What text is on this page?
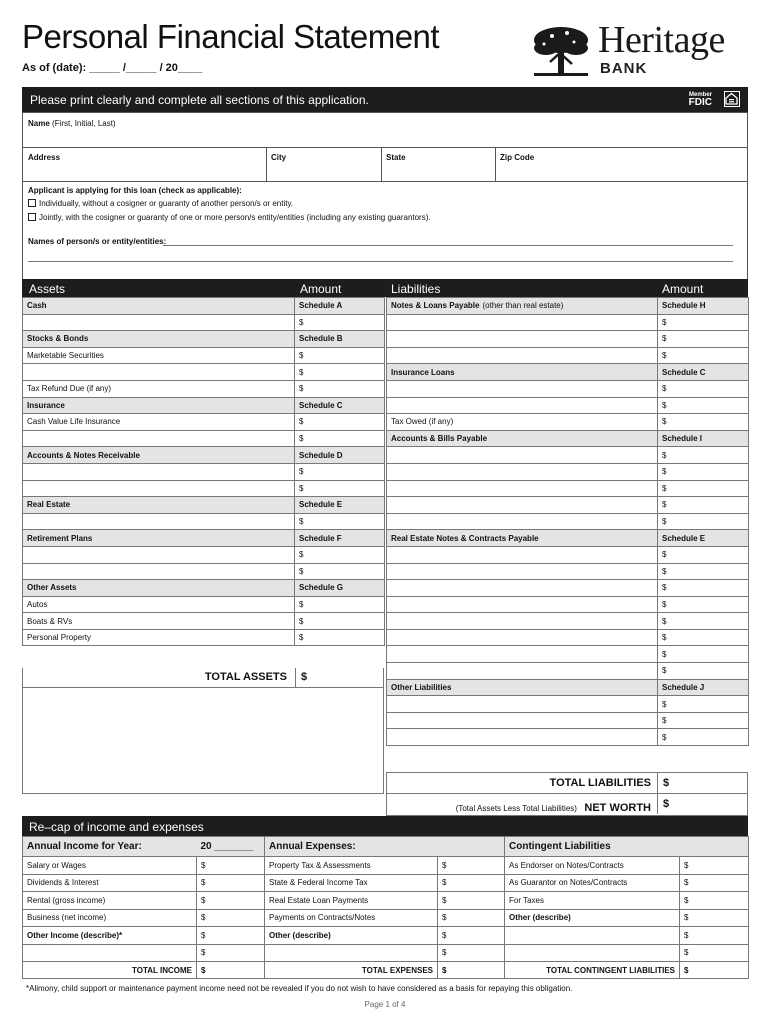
Personal Financial Statement
As of (date): _____ /_____ / 20____
Heritage
BANK
Please print clearly and complete all sections of this application.	Member
FDIC
Name (First, Initial, Last)
Address	City	State	Zip Code
Applicant is applying for this loan (check as applicable):
Individually, without a cosigner or guaranty of another person/s or entity.
Jointly, with the cosigner or guaranty of one or more person/s entity/entities (including any existing guarantors).
Names of person/s or entity/entities:
Assets	Amount	Liabilities	Amount
Cash	Schedule A
	$
Stocks & Bonds	Schedule B
Marketable Securities	$
	$
Tax Refund Due (if any)	$
Insurance	Schedule C
Cash Value Life Insurance	$
	$
Accounts & Notes Receivable	Schedule D
	$
	$
Real Estate	Schedule E
	$
Retirement Plans	Schedule F
	$
	$
Other Assets	Schedule G
Autos	$
Boats & RVs	$
Personal Property	$
TOTAL ASSETS $
Notes & Loans Payable (other than real estate)	Schedule H
	$
	$
	$
Insurance Loans	Schedule C
	$
	$
Tax Owed (if any)	$
Accounts & Bills Payable	Schedule I
	$
	$
	$
	$
	$
Real Estate Notes & Contracts Payable	Schedule E
	$
	$
	$
	$
	$
	$
	$
	$
Other Liabilities	Schedule J
	$
	$
	$
TOTAL LIABILITIES $
(Total Assets Less Total Liabilities) NET WORTH $
Re–cap of income and expenses
Annual Income for Year:	20 _______	Annual Expenses:		Contingent Liabilities	
Salary or Wages	$	Property Tax & Assessments	$	As Endorser on Notes/Contracts	$
Dividends & Interest	$	State & Federal Income Tax	$	As Guarantor on Notes/Contracts	$
Rental (gross income)	$	Real Estate Loan Payments	$	For Taxes	$
Business (net income)	$	Payments on Contracts/Notes	$	Other (describe)	$
Other Income (describe)*	$	Other (describe)	$		$
	$		$		$
TOTAL INCOME	$	TOTAL EXPENSES	$	TOTAL CONTINGENT LIABILITIES	$
*Alimony, child support or maintenance payment income need not be revealed if you do not wish to have considered as a basis for repaying this obligation.
Page 1 of 4
